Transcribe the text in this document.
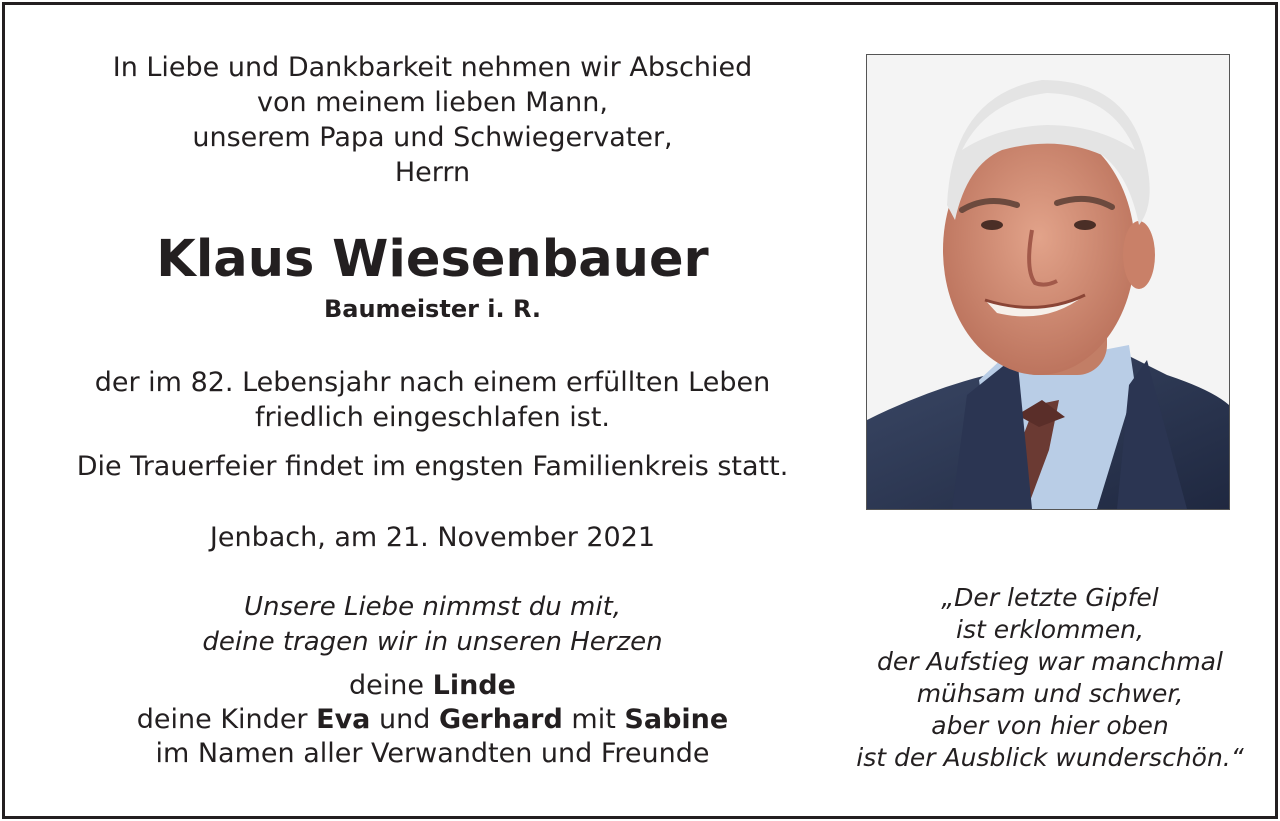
In Liebe und Dankbarkeit nehmen wir Abschied
von meinem lieben Mann,
unserem Papa und Schwiegervater,
Herrn
Klaus Wiesenbauer
Baumeister i. R.
der im 82. Lebensjahr nach einem erfüllten Leben
friedlich eingeschlafen ist.
Die Trauerfeier findet im engsten Familienkreis statt.
Jenbach, am 21. November 2021
Unsere Liebe nimmst du mit,
deine tragen wir in unseren Herzen
deine Linde
deine Kinder Eva und Gerhard mit Sabine
im Namen aller Verwandten und Freunde
„Der letzte Gipfel
ist erklommen,
der Aufstieg war manchmal
mühsam und schwer,
aber von hier oben
ist der Ausblick wunderschön.“
